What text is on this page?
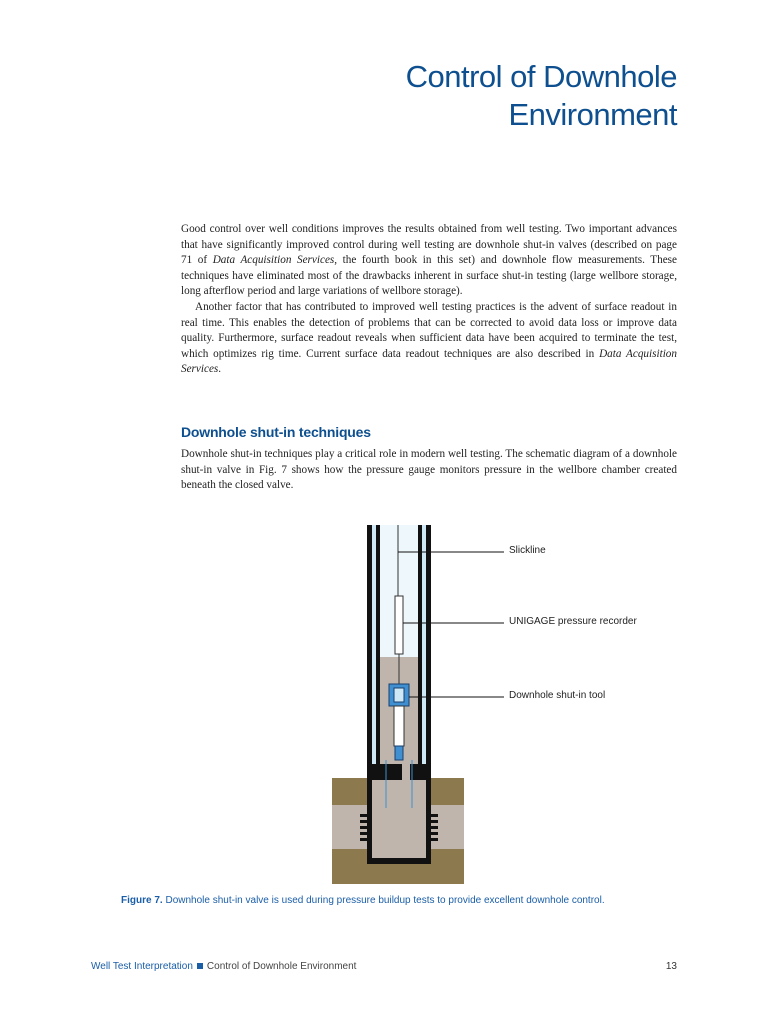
Control of Downhole
Environment

Good control over well conditions improves the results obtained from well testing. Two important advances that have significantly improved control during well testing are downhole shut-in valves (described on page 71 of Data Acquisition Services, the fourth book in this set) and downhole flow measurements. These techniques have eliminated most of the drawbacks inherent in surface shut-in testing (large wellbore storage, long afterflow period and large variations of wellbore storage).

Another factor that has contributed to improved well testing practices is the advent of surface readout in real time. This enables the detection of problems that can be corrected to avoid data loss or improve data quality. Furthermore, surface readout reveals when sufficient data have been acquired to terminate the test, which optimizes rig time. Current surface data readout techniques are also described in Data Acquisition Services.

Downhole shut-in techniques

Downhole shut-in techniques play a critical role in modern well testing. The schematic diagram of a downhole shut-in valve in Fig. 7 shows how the pressure gauge monitors pressure in the wellbore chamber created beneath the closed valve.

Slickline
UNIGAGE pressure recorder
Downhole shut-in tool

Figure 7. Downhole shut-in valve is used during pressure buildup tests to provide excellent downhole control.

Well Test Interpretation Control of Downhole Environment	13
